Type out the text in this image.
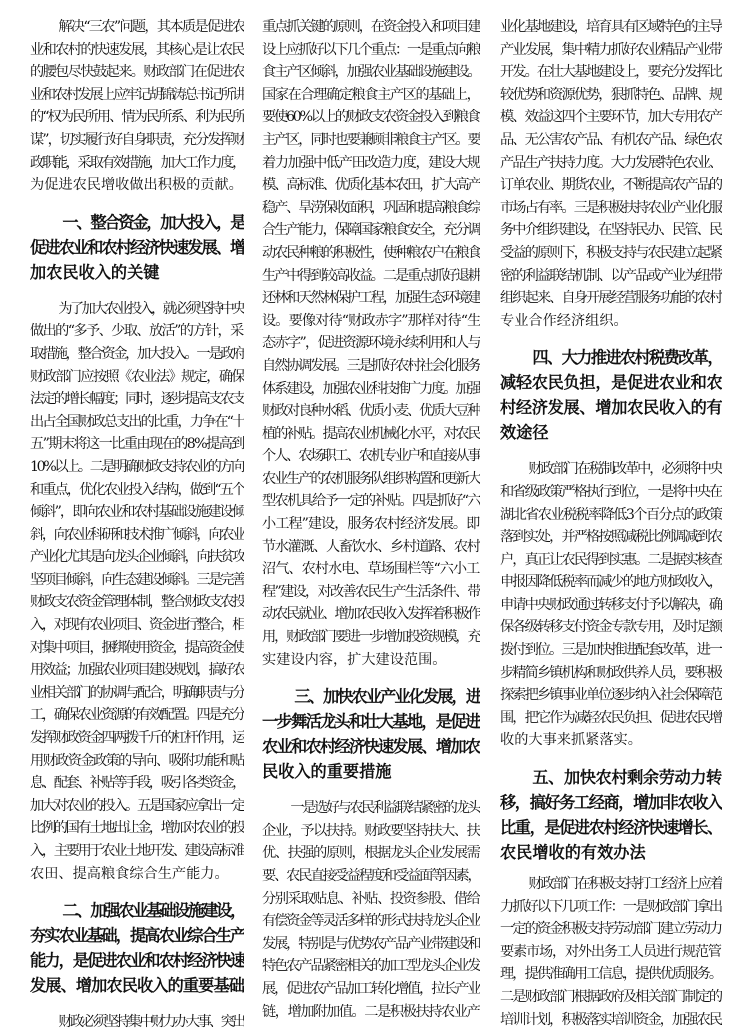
解决“三农”问题，其本质是促进农
业和农村的快速发展，其核心是让农民
的腰包尽快鼓起来。财政部门在促进农
业和农村发展上应牢记胡锦涛总书记所讲
的“权为民所用、情为民所系、利为民所
谋”，切实履行好自身职责，充分发挥财
政职能，采取有效措施，加大工作力度，
为促进农民增收做出积极的贡献。
一、整合资金，加大投入，是
促进农业和农村经济快速发展、增
加农民收入的关键
为了加大农业投入，就必须坚持中央
做出的“多予、少取、放活”的方针，采
取措施，整合资金，加大投入。一是政府
财政部门应按照《农业法》规定，确保
法定的增长幅度；同时，逐步提高支农支
出占全国财政总支出的比重，力争在“十
五”期末将这一比重由现在的8%提高到
10%以上。二是明确财政支持农业的方向
和重点，优化农业投入结构，做到“五个
倾斜”，即向农业和农村基础设施建设倾
斜，向农业科研和技术推广倾斜，向农业
产业化尤其是向龙头企业倾斜，向扶贫攻
坚项目倾斜，向生态建设倾斜。三是完善
财政支农资金管理体制，整合财政支农投
入，对现有农业项目、资金进行整合，相
对集中项目，捆绑使用资金，提高资金使
用效益；加强农业项目建设规划，搞好农
业相关部门的协调与配合，明确职责与分
工，确保农业资源的有效配置。四是充分
发挥财政资金四两拨千斤的杠杆作用，运
用财政资金政策的导向、吸附功能和贴
息、配套、补贴等手段，吸引各类资金，
加大对农业的投入。五是国家应拿出一定
比例的国有土地出让金，增加对农业的投
入，主要用于农业土地开发、建设高标准
农田、提高粮食综合生产能力。
二、加强农业基础设施建设，
夯实农业基础，提高农业综合生产
能力，是促进农业和农村经济快速
发展、增加农民收入的重要基础
财政必须坚持集中财力办大事、突出
重点抓关键的原则，在资金投入和项目建
设上应抓好以下几个重点：一是重点向粮
食主产区倾斜，加强农业基础设施建设。
国家在合理确定粮食主产区的基础上，
要使60%以上的财政支农资金投入到粮食
主产区，同时也要兼顾非粮食主产区。要
着力加强中低产田改造力度，建设大规
模、高标准、优质化基本农田，扩大高产
稳产、旱涝保收面积，巩固和提高粮食综
合生产能力，保障国家粮食安全，充分调
动农民种粮的积极性，使种粮农户在粮食
生产中得到较高收益。二是重点抓好退耕
还林和天然林保护工程，加强生态环境建
设。要像对待“财政赤字”那样对待“生
态赤字”，促进资源环境永续利用和人与
自然协调发展。三是抓好农村社会化服务
体系建设，加强农业科技推广力度。加强
财政对良种水稻、优质小麦、优质大豆种
植的补贴。提高农业机械化水平，对农民
个人、农场职工、农机专业户和直接从事
农业生产的农机服务队组织构置和更新大
型农机具给予一定的补贴。四是抓好“六
小工程”建设，服务农村经济发展。即
节水灌溉、人畜饮水、乡村道路、农村
沼气、农村水电、草场围栏等“六小工
程”建设，对改善农民生产生活条件、带
动农民就业、增加农民收入发挥着积极作
用，财政部门要进一步增加投资规模，充
实建设内容，扩大建设范围。
三、加快农业产业化发展，进
一步舞活龙头和壮大基地，是促进
农业和农村经济快速发展、增加农
民收入的重要措施
一是选好与农民利益联结紧密的龙头
企业，予以扶持。财政要坚持扶大、扶
优、扶强的原则，根据龙头企业发展需
要、农民直接受益程度和受益面等因素，
分别采取贴息、补贴、投资参股、借给
有偿资金等灵活多样的形式扶持龙头企业
发展，特别是与优势农产品产业带建设和
特色农产品紧密相关的加工型龙头企业发
展，促进农产品加工转化增值，拉长产业
链，增加附加值。二是积极扶持农业产
业化基地建设，培育具有区域特色的主导
产业发展，集中精力抓好农业精品产业带
开发。在壮大基地建设上，要充分发挥比
较优势和资源优势，狠抓特色、品牌、规
模、效益这四个主要环节，加大专用农产
品、无公害农产品、有机农产品、绿色农
产品生产扶持力度。大力发展特色农业、
订单农业、期货农业，不断提高农产品的
市场占有率。三是积极扶持农业产业化服
务中介组织建设，在坚持民办、民管、民
受益的原则下，积极支持与农民建立起紧
密的利益联结机制、以产品或产业为纽带
组织起来、自身开展经营服务功能的农村
专业合作经济组织。
四、大力推进农村税费改革，
减轻农民负担，是促进农业和农
村经济发展、增加农民收入的有
效途径
财政部门在税制改革中，必须将中央
和省级政策严格执行到位，一是将中央在
湖北省农业税税率降低3个百分点的政策
落到实处，并严格按照减税比例调减到农
户，真正让农民得到实惠。二是据实核查
申报因降低税率而减少的地方财政收入，
申请中央财政通过转移支付予以解决，确
保各级转移支付资金专款专用，及时足额
拨付到位。三是加快推进配套改革，进一
步精简乡镇机构和财政供养人员，要积极
探索把乡镇事业单位逐步纳入社会保障范
围，把它作为减轻农民负担、促进农民增
收的大事来抓紧落实。
五、加快农村剩余劳动力转
移，搞好务工经商，增加非农收入
比重，是促进农村经济快速增长、
农民增收的有效办法
财政部门在积极支持打工经济上应着
力抓好以下几项工作：一是财政部门拿出
一定的资金积极支持劳动部门建立劳动力
要素市场，对外出务工人员进行规范管
理，提供准确用工信息，提供优质服务。
二是财政部门根据政府及相关部门制定的
培训计划，积极落实培训资金，加强农民
